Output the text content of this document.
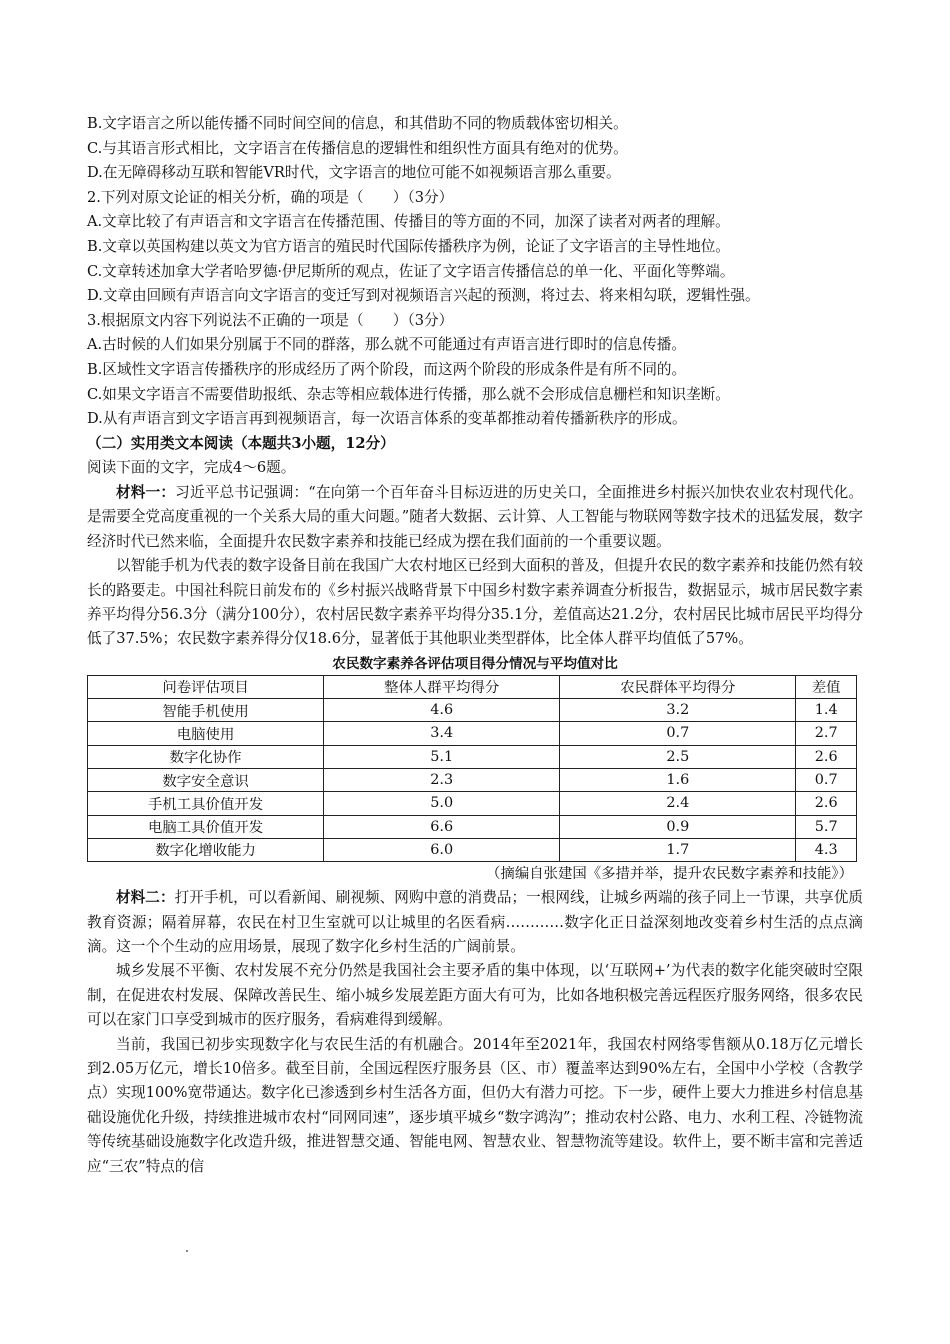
B.文字语言之所以能传播不同时间空间的信息，和其借助不同的物质载体密切相关。

C.与其语言形式相比，文字语言在传播信息的逻辑性和组织性方面具有绝对的优势。

D.在无障碍移动互联和智能VR时代，文字语言的地位可能不如视频语言那么重要。

2.下列对原文论证的相关分析，确的项是（　　）（3分）

A.文章比较了有声语言和文字语言在传播范围、传播目的等方面的不同，加深了读者对两者的理解。

B.文章以英国构建以英文为官方语言的殖民时代国际传播秩序为例，论证了文字语言的主导性地位。

C.文章转述加拿大学者哈罗德·伊尼斯所的观点，佐证了文字语言传播信总的单一化、平面化等弊端。

D.文章由回顾有声语言向文字语言的变迁写到对视频语言兴起的预测，将过去、将来相勾联，逻辑性强。

3.根据原文内容下列说法不正确的一项是（　　）（3分）

A.古时候的人们如果分别属于不同的群落，那么就不可能通过有声语言进行即时的信息传播。

B.区域性文字语言传播秩序的形成经历了两个阶段，而这两个阶段的形成条件是有所不同的。

C.如果文字语言不需要借助报纸、杂志等相应载体进行传播，那么就不会形成信息栅栏和知识垄断。

D.从有声语言到文字语言再到视频语言，每一次语言体系的变革都推动着传播新秩序的形成。

（二）实用类文本阅读（本题共3小题，12分）

阅读下面的文字，完成4～6题。

材料一：习近平总书记强调：“在向第一个百年奋斗目标迈进的历史关口，全面推进乡村振兴加快农业农村现代化。是需要全党高度重视的一个关系大局的重大问题。”随者大数据、云计算、人工智能与物联网等数字技术的迅猛发展，数字经济时代已然来临，全面提升农民数字素养和技能已经成为摆在我们面前的一个重要议题。

以智能手机为代表的数字设备目前在我国广大农村地区已经到大面积的普及，但提升农民的数字素养和技能仍然有较长的路要走。中国社科院日前发布的《乡村振兴战略背景下中国乡村数字素养调查分析报告，数据显示，城市居民数字素养平均得分56.3分（满分100分），农村居民数字素养平均得分35.1分，差值高达21.2分，农村居民比城市居民平均得分低了37.5%；农民数字素养得分仅18.6分，显著低于其他职业类型群体，比全体人群平均值低了57%。

农民数字素养各评估项目得分情况与平均值对比
问卷评估项目	整体人群平均得分	农民群体平均得分	差值
智能手机使用	4.6	3.2	1.4
电脑使用	3.4	0.7	2.7
数字化协作	5.1	2.5	2.6
数字安全意识	2.3	1.6	0.7
手机工具价值开发	5.0	2.4	2.6
电脑工具价值开发	6.6	0.9	5.7
数字化增收能力	6.0	1.7	4.3
（摘编自张建国《多措并举，提升农民数字素养和技能》）

材料二：打开手机，可以看新闻、刷视频、网购中意的消费品；一根网线，让城乡两端的孩子同上一节课，共享优质教育资源；隔着屏幕，农民在村卫生室就可以让城里的名医看病…………数字化正日益深刻地改变着乡村生活的点点滴滴。这一个个生动的应用场景，展现了数字化乡村生活的广阔前景。

城乡发展不平衡、农村发展不充分仍然是我国社会主要矛盾的集中体现，以‘互联网+’为代表的数字化能突破时空限制，在促进农村发展、保障改善民生、缩小城乡发展差距方面大有可为，比如各地积极完善远程医疗服务网络，很多农民可以在家门口享受到城市的医疗服务，看病难得到缓解。

当前，我国已初步实现数字化与农民生活的有机融合。2014年至2021年，我国农村网络零售额从0.18万亿元增长到2.05万亿元，增长10倍多。截至目前，全国远程医疗服务县（区、市）覆盖率达到90%左右，全国中小学校（含教学点）实现100%宽带通达。数字化已渗透到乡村生活各方面，但仍大有潜力可挖。下一步，硬件上要大力推进乡村信息基础设施优化升级，持续推进城市农村“同网同速”，逐步填平城乡“数字鸿沟”；推动农村公路、电力、水利工程、冷链物流等传统基础设施数字化改造升级，推进智慧交通、智能电网、智慧农业、智慧物流等建设。软件上，要不断丰富和完善适应“三农”特点的信
